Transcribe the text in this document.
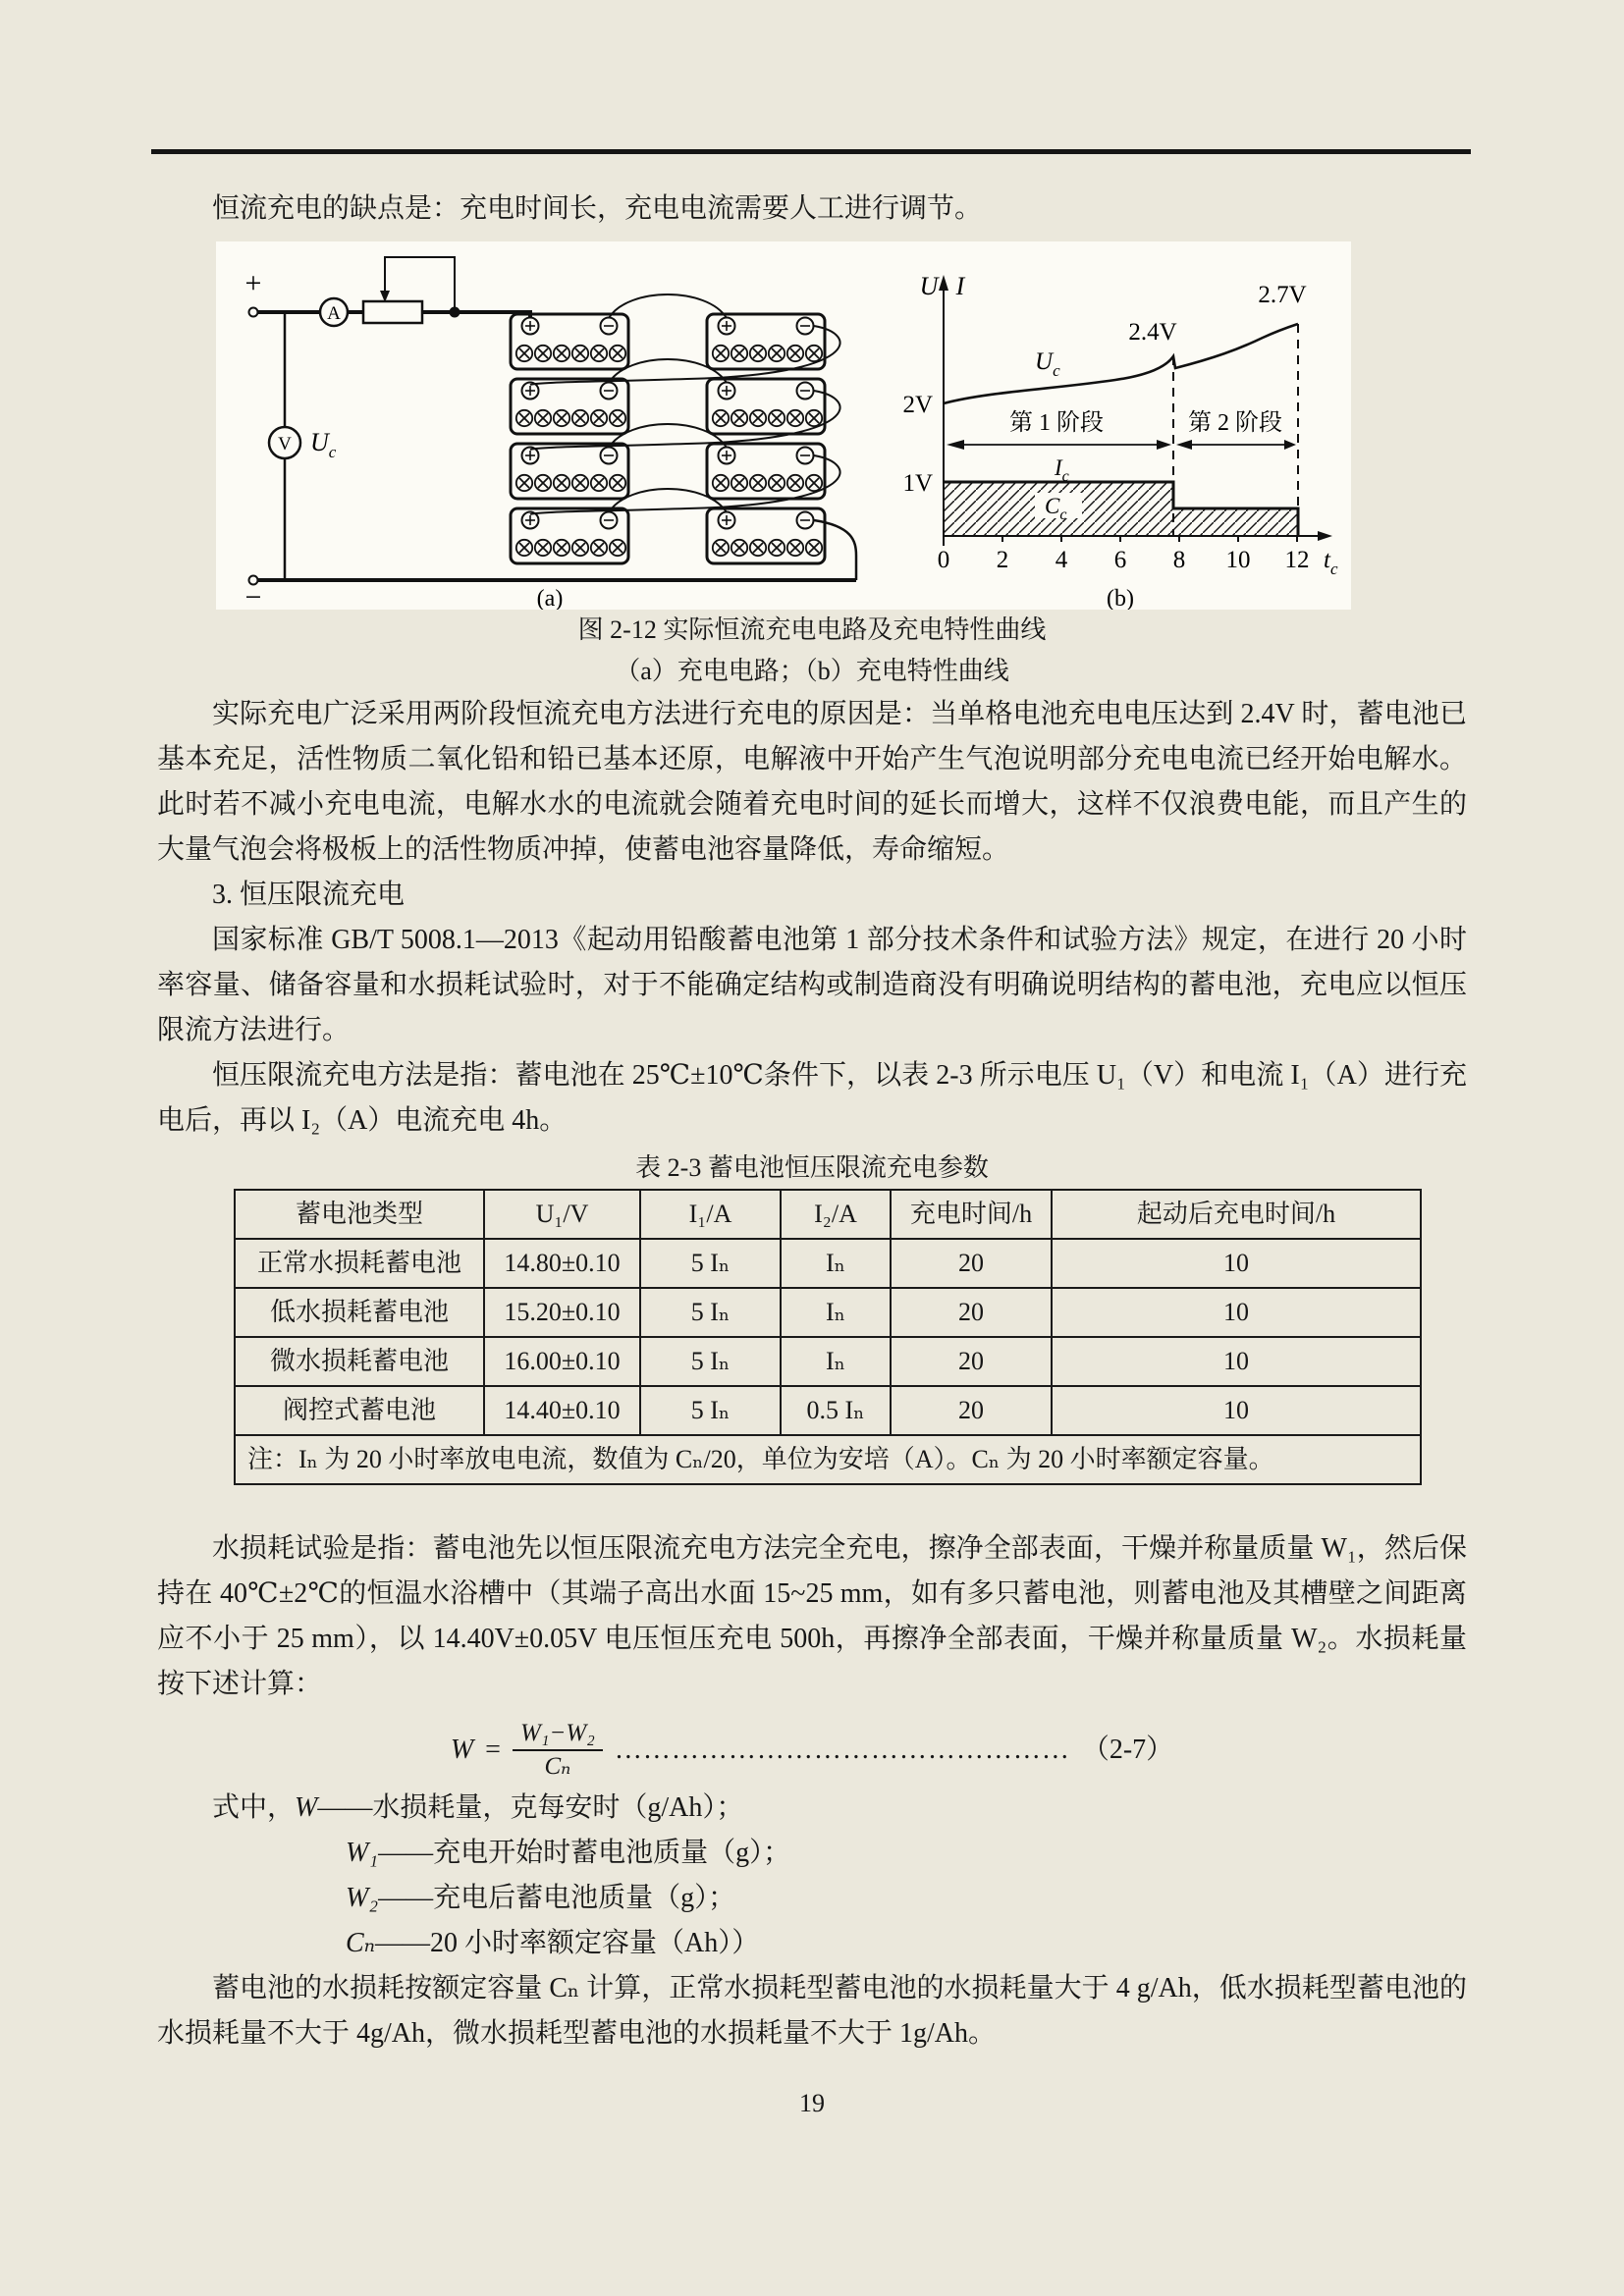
恒流充电的缺点是：充电时间长，充电电流需要人工进行调节。

+
−
A
V $U_c$
(a)
U I
2V
1V
$U_c$
2.4V
2.7V
第 1 阶段	第 2 阶段
$I_c$
$C_c$
0 2 4 6 8 10 12 $t_c$
(b)
图 2-12 实际恒流充电电路及充电特性曲线
（a）充电电路；（b）充电特性曲线

实际充电广泛采用两阶段恒流充电方法进行充电的原因是：当单格电池充电电压达到 2.4V 时，蓄电池已基本充足，活性物质二氧化铅和铅已基本还原，电解液中开始产生气泡说明部分充电电流已经开始电解水。此时若不减小充电电流，电解水水的电流就会随着充电时间的延长而增大，这样不仅浪费电能，而且产生的大量气泡会将极板上的活性物质冲掉，使蓄电池容量降低，寿命缩短。

3. 恒压限流充电

国家标准 GB/T 5008.1—2013《起动用铅酸蓄电池第 1 部分技术条件和试验方法》规定，在进行 20 小时率容量、储备容量和水损耗试验时，对于不能确定结构或制造商没有明确说明结构的蓄电池，充电应以恒压限流方法进行。

恒压限流充电方法是指：蓄电池在 25℃±10℃条件下，以表 2-3 所示电压 U₁（V）和电流 I₁（A）进行充电后，再以 I₂（A）电流充电 4h。

表 2-3 蓄电池恒压限流充电参数
蓄电池类型	U₁/V	I₁/A	I₂/A	充电时间/h	起动后充电时间/h
正常水损耗蓄电池	14.80±0.10	5 Iₙ	Iₙ	20	10
低水损耗蓄电池	15.20±0.10	5 Iₙ	Iₙ	20	10
微水损耗蓄电池	16.00±0.10	5 Iₙ	Iₙ	20	10
阀控式蓄电池	14.40±0.10	5 Iₙ	0.5 Iₙ	20	10
注：Iₙ 为 20 小时率放电电流，数值为 Cₙ/20，单位为安培（A）。Cₙ 为 20 小时率额定容量。					

水损耗试验是指：蓄电池先以恒压限流充电方法完全充电，擦净全部表面，干燥并称量质量 W₁，然后保持在 40℃±2℃的恒温水浴槽中（其端子高出水面 15~25 mm，如有多只蓄电池，则蓄电池及其槽壁之间距离应不小于 25 mm），以 14.40V±0.05V 电压恒压充电 500h，再擦净全部表面，干燥并称量质量 W₂。水损耗量按下述计算：

$W = \frac{\text{W₁−W₂}}{\text{Cₙ}}$ ………………………………………… （2-7）
式中，W——水损耗量，克每安时（g/Ah）；
W₁——充电开始时蓄电池质量（g）；
W₂——充电后蓄电池质量（g）；
Cₙ——20 小时率额定容量（Ah））

蓄电池的水损耗按额定容量 Cₙ 计算，正常水损耗型蓄电池的水损耗量大于 4 g/Ah，低水损耗型蓄电池的水损耗量不大于 4g/Ah，微水损耗型蓄电池的水损耗量不大于 1g/Ah。

19
